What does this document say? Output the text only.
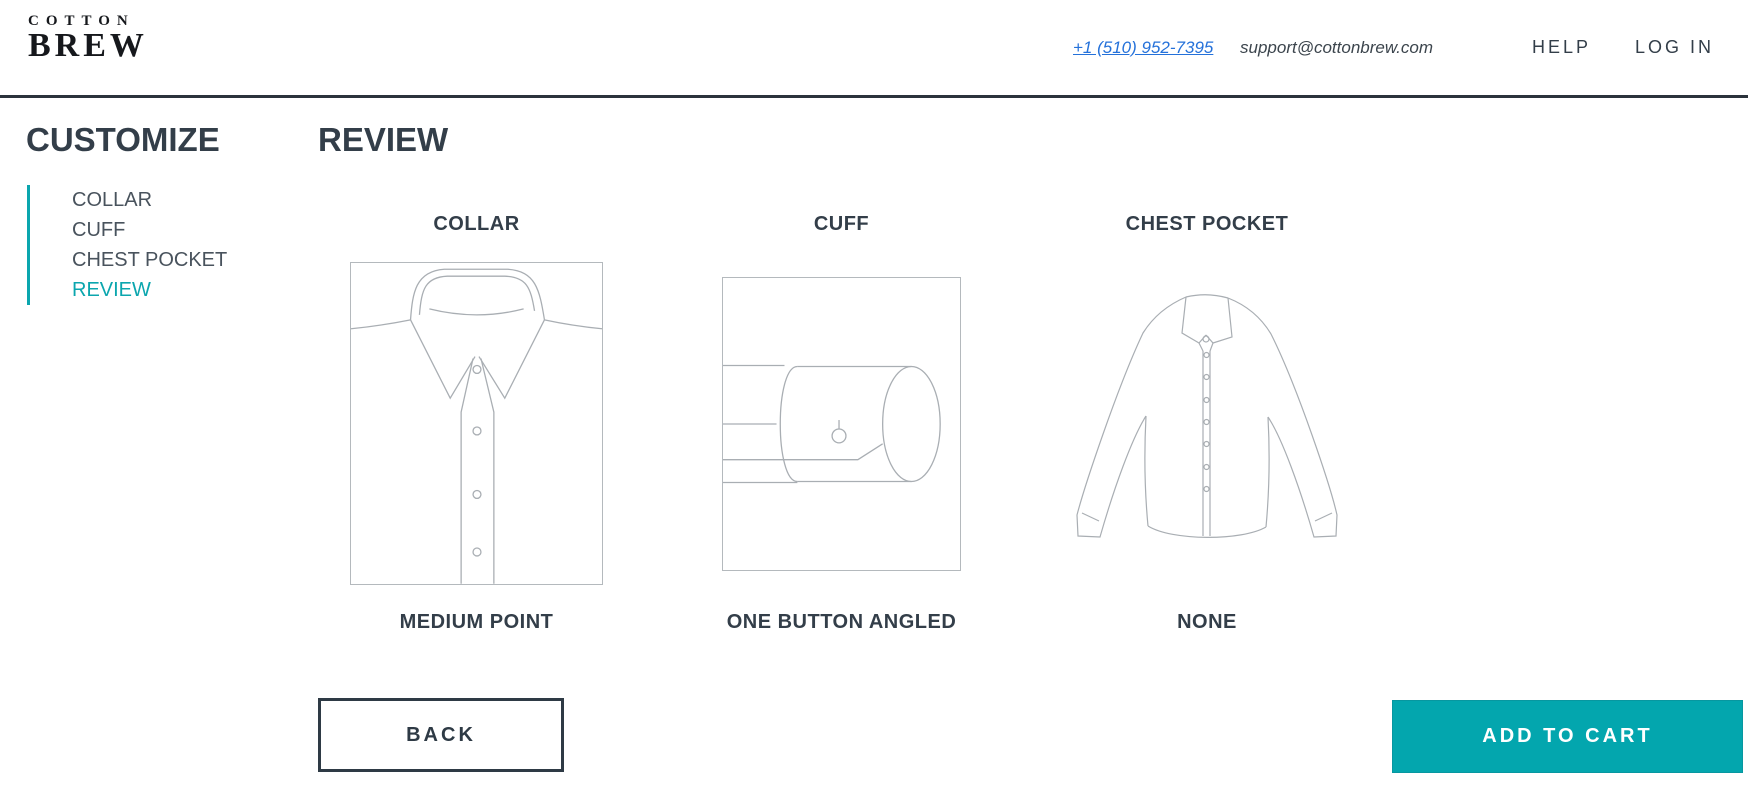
COTTON
BREW	+1 (510) 952-7395 support@cottonbrew.com	HELP LOG IN
CUSTOMIZE
COLLAR
CUFF
CHEST POCKET
REVIEW
REVIEW
COLLAR	CUFF	CHEST POCKET
MEDIUM POINT	ONE BUTTON ANGLED	NONE
BACK	ADD TO CART
